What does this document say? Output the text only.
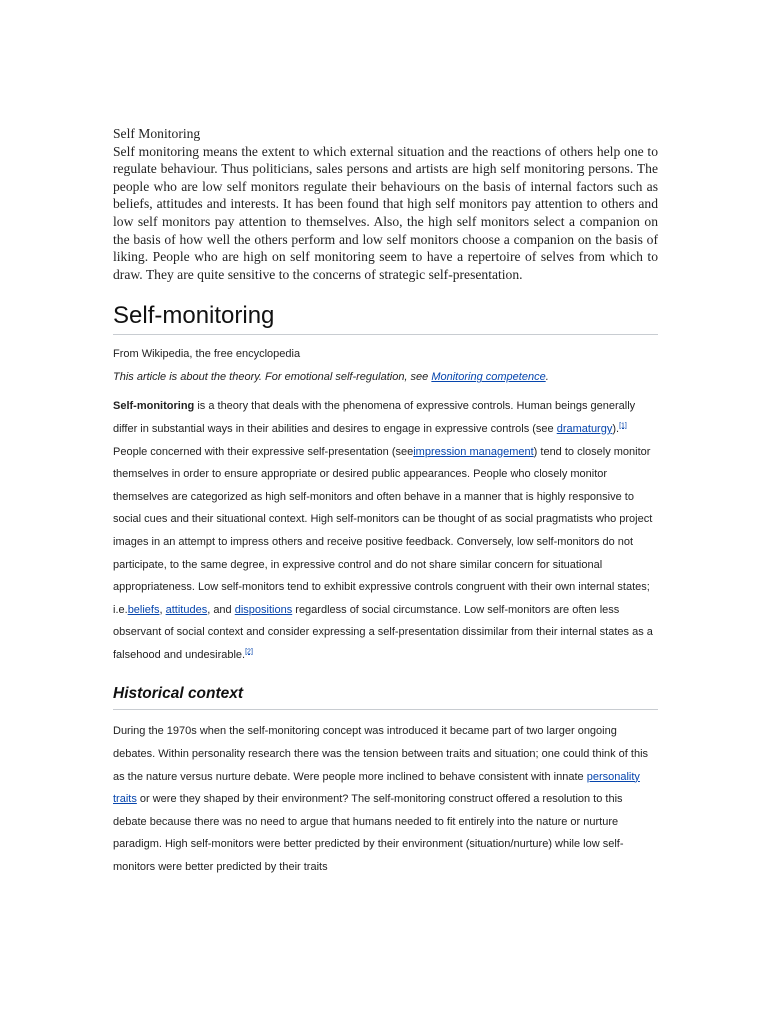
Self Monitoring

Self monitoring means the extent to which external situation and the reactions of others help one to regulate behaviour. Thus politicians, sales persons and artists are high self monitoring persons. The people who are low self monitors regulate their behaviours on the basis of internal factors such as beliefs, attitudes and interests. It has been found that high self monitors pay attention to others and low self monitors pay attention to themselves. Also, the high self monitors select a companion on the basis of how well the others perform and low self monitors choose a companion on the basis of liking. People who are high on self monitoring seem to have a repertoire of selves from which to draw. They are quite sensitive to the concerns of strategic self-presentation.

Self-monitoring

From Wikipedia, the free encyclopedia

This article is about the theory. For emotional self-regulation, see Monitoring competence.

Self-monitoring is a theory that deals with the phenomena of expressive controls. Human beings generally differ in substantial ways in their abilities and desires to engage in expressive controls (see dramaturgy).[1] People concerned with their expressive self-presentation (seeimpression management) tend to closely monitor themselves in order to ensure appropriate or desired public appearances. People who closely monitor themselves are categorized as high self-monitors and often behave in a manner that is highly responsive to social cues and their situational context. High self-monitors can be thought of as social pragmatists who project images in an attempt to impress others and receive positive feedback. Conversely, low self-monitors do not participate, to the same degree, in expressive control and do not share similar concern for situational appropriateness. Low self-monitors tend to exhibit expressive controls congruent with their own internal states; i.e.beliefs, attitudes, and dispositions regardless of social circumstance. Low self-monitors are often less observant of social context and consider expressing a self-presentation dissimilar from their internal states as a falsehood and undesirable.[2]

Historical context

During the 1970s when the self-monitoring concept was introduced it became part of two larger ongoing debates. Within personality research there was the tension between traits and situation; one could think of this as the nature versus nurture debate. Were people more inclined to behave consistent with innate personality traits or were they shaped by their environment? The self-monitoring construct offered a resolution to this debate because there was no need to argue that humans needed to fit entirely into the nature or nurture paradigm. High self-monitors were better predicted by their environment (situation/nurture) while low self-monitors were better predicted by their traits
